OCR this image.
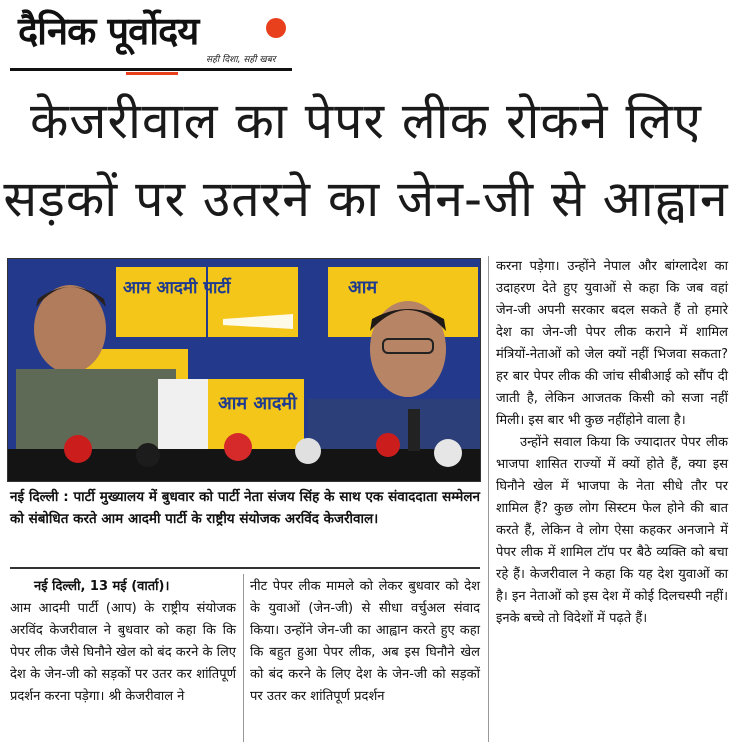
दैनिक पूर्वोदय
सही दिशा, सही खबर
केजरीवाल का पेपर लीक रोकने लिए
सड़कों पर उतरने का जेन-जी से आह्वान
आम आदमी पार्टी
आम आदमी
आम
नई दिल्ली : पार्टी मुख्यालय में बुधवार को पार्टी नेता संजय सिंह के साथ एक संवाददाता सम्मेलन को संबोधित करते आम आदमी पार्टी के राष्ट्रीय संयोजक अरविंद केजरीवाल।

नई दिल्ली, 13 मई (वार्ता)।

आम आदमी पार्टी (आप) के राष्ट्रीय संयोजक अरविंद केजरीवाल ने बुधवार को कहा कि कि पेपर लीक जैसे घिनौने खेल को बंद करने के लिए देश के जेन-जी को सड़कों पर उतर कर शांतिपूर्ण प्रदर्शन करना पड़ेगा। श्री केजरीवाल ने

नीट पेपर लीक मामले को लेकर बुधवार को देश के युवाओं (जेन-जी) से सीधा वर्चुअल संवाद किया। उन्होंने जेन-जी का आह्वान करते हुए कहा कि बहुत हुआ पेपर लीक, अब इस घिनौने खेल को बंद करने के लिए देश के जेन-जी को सड़कों पर उतर कर शांतिपूर्ण प्रदर्शन

करना पड़ेगा। उन्होंने नेपाल और बांग्लादेश का उदाहरण देते हुए युवाओं से कहा कि जब वहां जेन-जी अपनी सरकार बदल सकते हैं तो हमारे देश का जेन-जी पेपर लीक कराने में शामिल मंत्रियों-नेताओं को जेल क्यों नहीं भिजवा सकता? हर बार पेपर लीक की जांच सीबीआई को सौंप दी जाती है, लेकिन आजतक किसी को सजा नहीं मिली। इस बार भी कुछ नहींहोने वाला है।

उन्होंने सवाल किया कि ज्यादातर पेपर लीक भाजपा शासित राज्यों में क्यों होते हैं, क्या इस घिनौने खेल में भाजपा के नेता सीधे तौर पर शामिल हैं? कुछ लोग सिस्टम फेल होने की बात करते हैं, लेकिन वे लोग ऐसा कहकर अनजाने में पेपर लीक में शामिल टॉप पर बैठे व्यक्ति को बचा रहे हैं। केजरीवाल ने कहा कि यह देश युवाओं का है। इन नेताओं को इस देश में कोई दिलचस्पी नहीं। इनके बच्चे तो विदेशों में पढ़ते हैं।
